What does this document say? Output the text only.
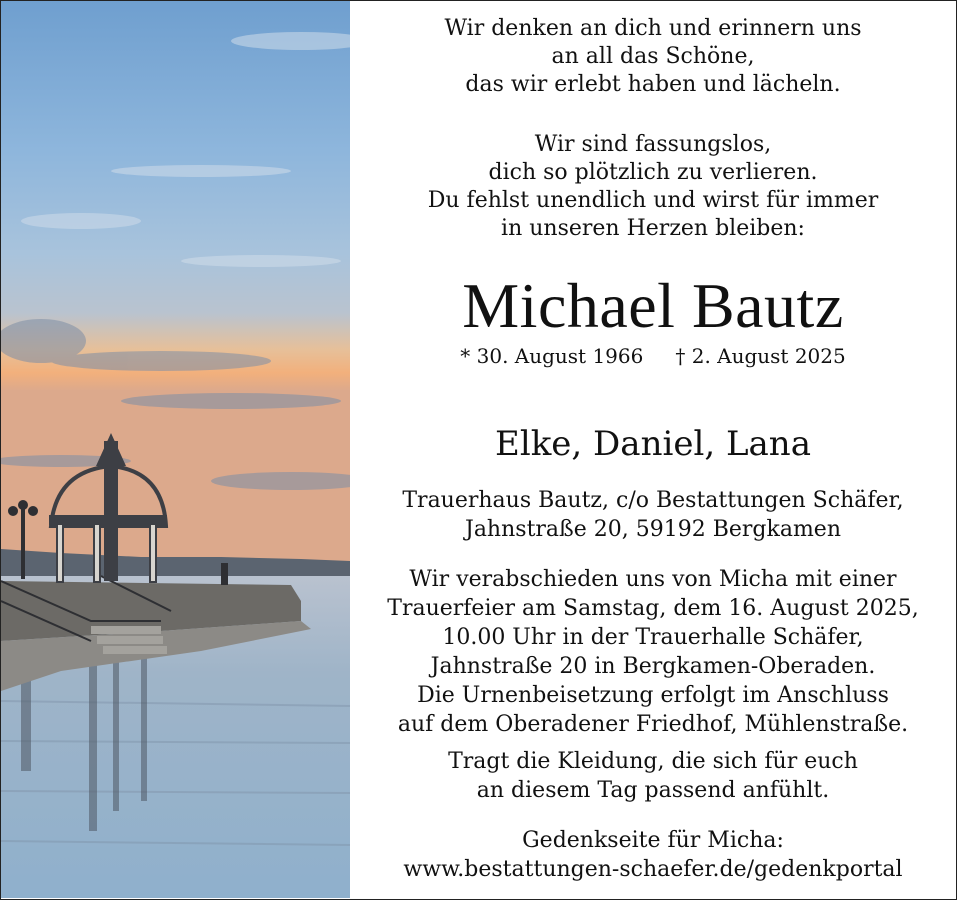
Wir denken an dich und erinnern uns

an all das Schöne,

das wir erlebt haben und lächeln.

Wir sind fassungslos,

dich so plötzlich zu verlieren.

Du fehlst unendlich und wirst für immer

in unseren Herzen bleiben:

Michael Bautz
* 30. August 1966 † 2. August 2025
Elke, Daniel, Lana

Trauerhaus Bautz, c/o Bestattungen Schäfer,

Jahnstraße 20, 59192 Bergkamen

Wir verabschieden uns von Micha mit einer

Trauerfeier am Samstag, dem 16. August 2025,

10.00 Uhr in der Trauerhalle Schäfer,

Jahnstraße 20 in Bergkamen-Oberaden.

Die Urnenbeisetzung erfolgt im Anschluss

auf dem Oberadener Friedhof, Mühlenstraße.

Tragt die Kleidung, die sich für euch

an diesem Tag passend anfühlt.

Gedenkseite für Micha:

www.bestattungen-schaefer.de/gedenkportal
